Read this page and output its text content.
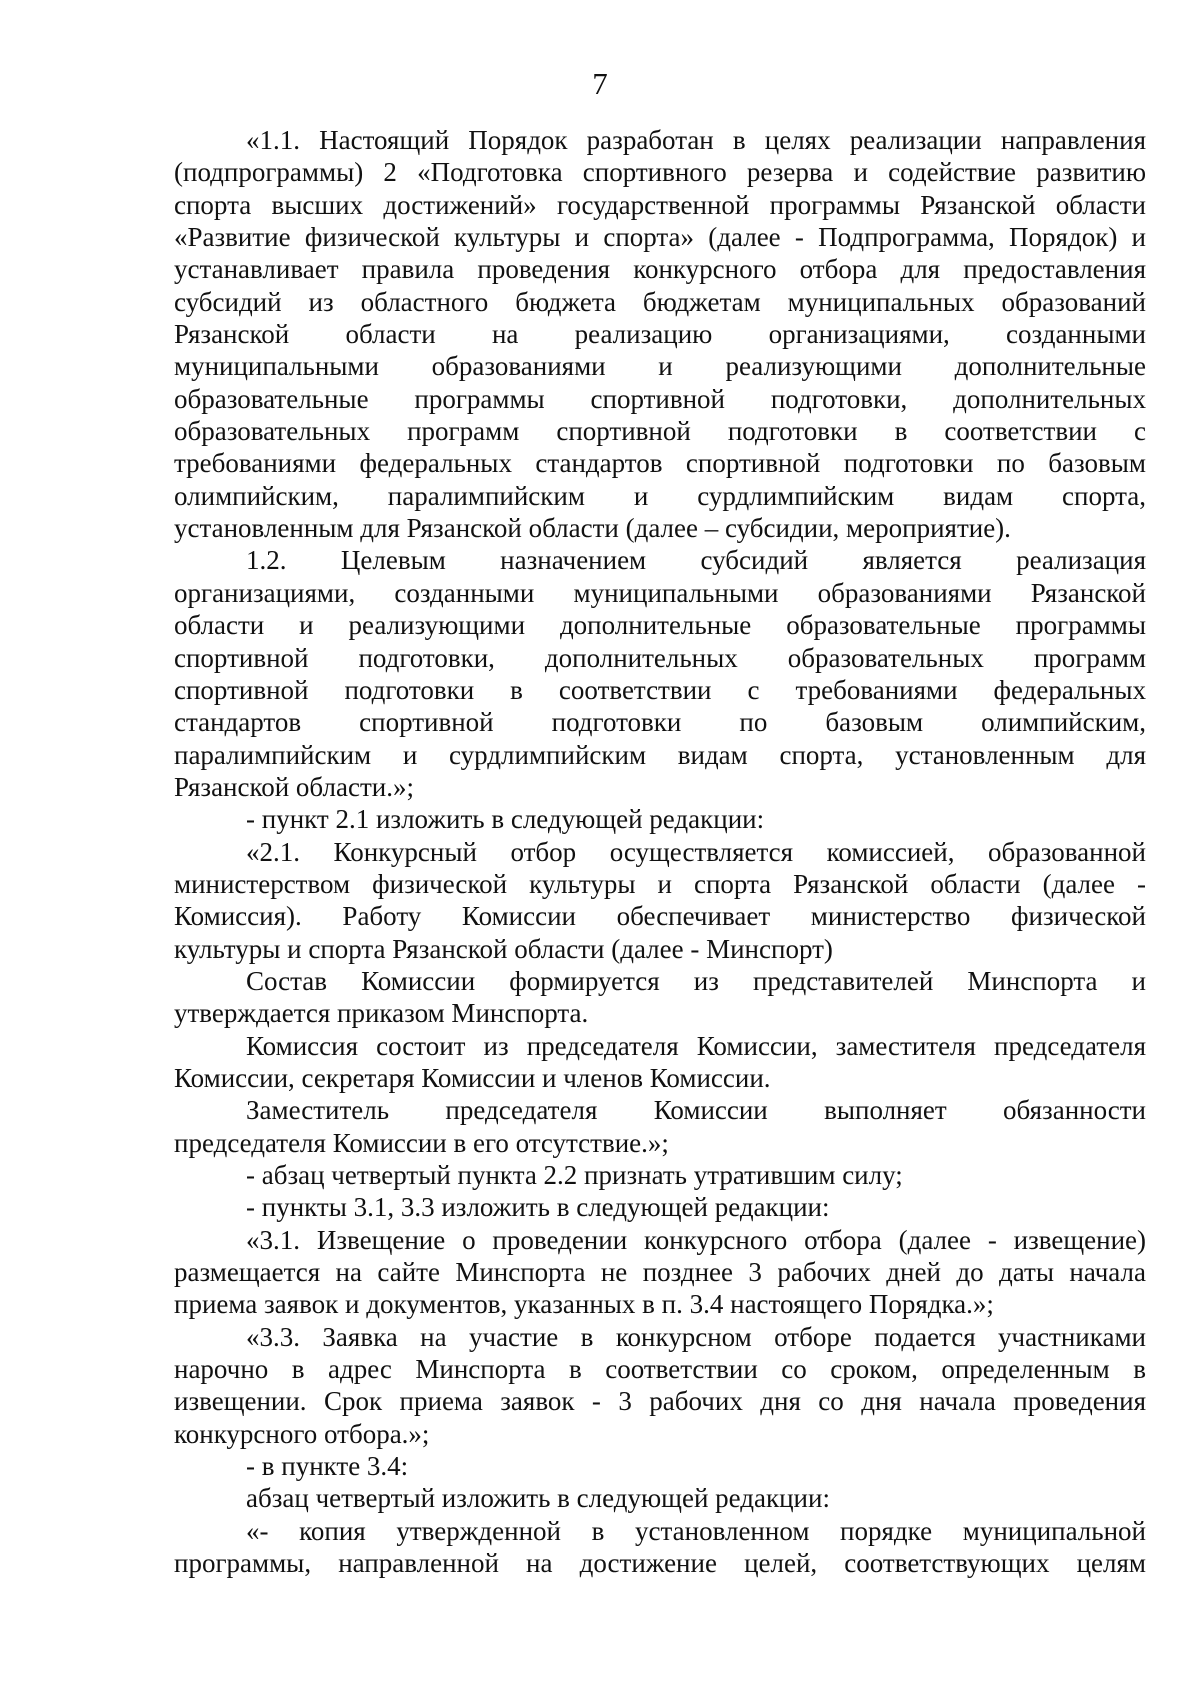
7
«1.1. Настоящий Порядок разработан в целях реализации направления
(подпрограммы) 2 «Подготовка спортивного резерва и содействие развитию
спорта высших достижений» государственной программы Рязанской области
«Развитие физической культуры и спорта» (далее - Подпрограмма, Порядок) и
устанавливает правила проведения конкурсного отбора для предоставления
субсидий из областного бюджета бюджетам муниципальных образований
Рязанской области на реализацию организациями, созданными
муниципальными образованиями и реализующими дополнительные
образовательные программы спортивной подготовки, дополнительных
образовательных программ спортивной подготовки в соответствии с
требованиями федеральных стандартов спортивной подготовки по базовым
олимпийским, паралимпийским и сурдлимпийским видам спорта,
установленным для Рязанской области (далее – субсидии, мероприятие).
1.2. Целевым назначением субсидий является реализация
организациями, созданными муниципальными образованиями Рязанской
области и реализующими дополнительные образовательные программы
спортивной подготовки, дополнительных образовательных программ
спортивной подготовки в соответствии с требованиями федеральных
стандартов спортивной подготовки по базовым олимпийским,
паралимпийским и сурдлимпийским видам спорта, установленным для
Рязанской области.»;
- пункт 2.1 изложить в следующей редакции:
«2.1. Конкурсный отбор осуществляется комиссией, образованной
министерством физической культуры и спорта Рязанской области (далее -
Комиссия). Работу Комиссии обеспечивает министерство физической
культуры и спорта Рязанской области (далее - Минспорт)
Состав Комиссии формируется из представителей Минспорта и
утверждается приказом Минспорта.
Комиссия состоит из председателя Комиссии, заместителя председателя
Комиссии, секретаря Комиссии и членов Комиссии.
Заместитель председателя Комиссии выполняет обязанности
председателя Комиссии в его отсутствие.»;
- абзац четвертый пункта 2.2 признать утратившим силу;
- пункты 3.1, 3.3 изложить в следующей редакции:
«3.1. Извещение о проведении конкурсного отбора (далее - извещение)
размещается на сайте Минспорта не позднее 3 рабочих дней до даты начала
приема заявок и документов, указанных в п. 3.4 настоящего Порядка.»;
«3.3. Заявка на участие в конкурсном отборе подается участниками
нарочно в адрес Минспорта в соответствии со сроком, определенным в
извещении. Срок приема заявок - 3 рабочих дня со дня начала проведения
конкурсного отбора.»;
- в пункте 3.4:
абзац четвертый изложить в следующей редакции:
«- копия утвержденной в установленном порядке муниципальной
программы, направленной на достижение целей, соответствующих целям
